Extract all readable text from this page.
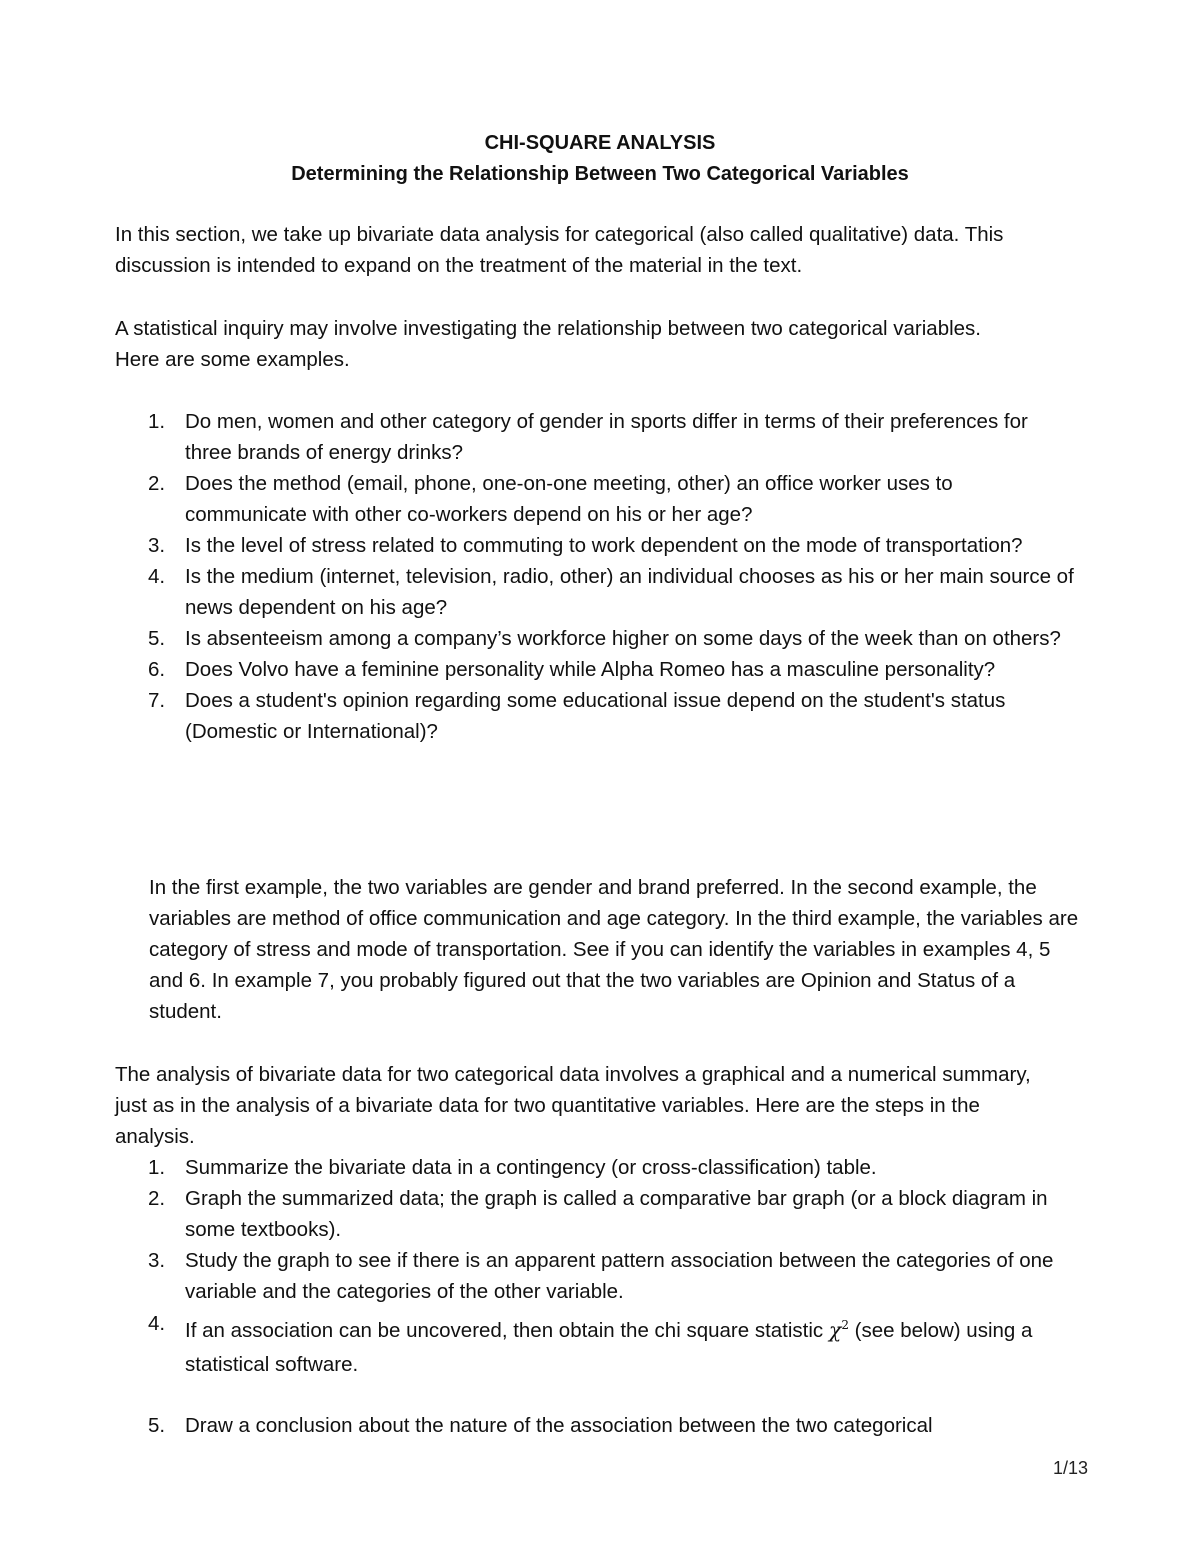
CHI-SQUARE ANALYSIS
Determining the Relationship Between Two Categorical Variables

In this section, we take up bivariate data analysis for categorical (also called qualitative) data. This discussion is intended to expand on the treatment of the material in the text.

A statistical inquiry may involve investigating the relationship between two categorical variables. Here are some examples.

1. Do men, women and other category of gender in sports differ in terms of their preferences for three brands of energy drinks?
2. Does the method (email, phone, one-on-one meeting, other) an office worker uses to communicate with other co-workers depend on his or her age?
3. Is the level of stress related to commuting to work dependent on the mode of transportation?
4. Is the medium (internet, television, radio, other) an individual chooses as his or her main source of news dependent on his age?
5. Is absenteeism among a company’s workforce higher on some days of the week than on others?
6. Does Volvo have a feminine personality while Alpha Romeo has a masculine personality?
7. Does a student's opinion regarding some educational issue depend on the student's status (Domestic or International)?

In the first example, the two variables are gender and brand preferred. In the second example, the variables are method of office communication and age category. In the third example, the variables are category of stress and mode of transportation. See if you can identify the variables in examples 4, 5 and 6. In example 7, you probably figured out that the two variables are Opinion and Status of a student.

The analysis of bivariate data for two categorical data involves a graphical and a numerical summary, just as in the analysis of a bivariate data for two quantitative variables. Here are the steps in the analysis.

1. Summarize the bivariate data in a contingency (or cross-classification) table.
2. Graph the summarized data; the graph is called a comparative bar graph (or a block diagram in some textbooks).
3. Study the graph to see if there is an apparent pattern association between the categories of one variable and the categories of the other variable.
4. If an association can be uncovered, then obtain the chi square statistic $\chi^2$ (see below) using a statistical software.
5. Draw a conclusion about the nature of the association between the two categorical
1/13
